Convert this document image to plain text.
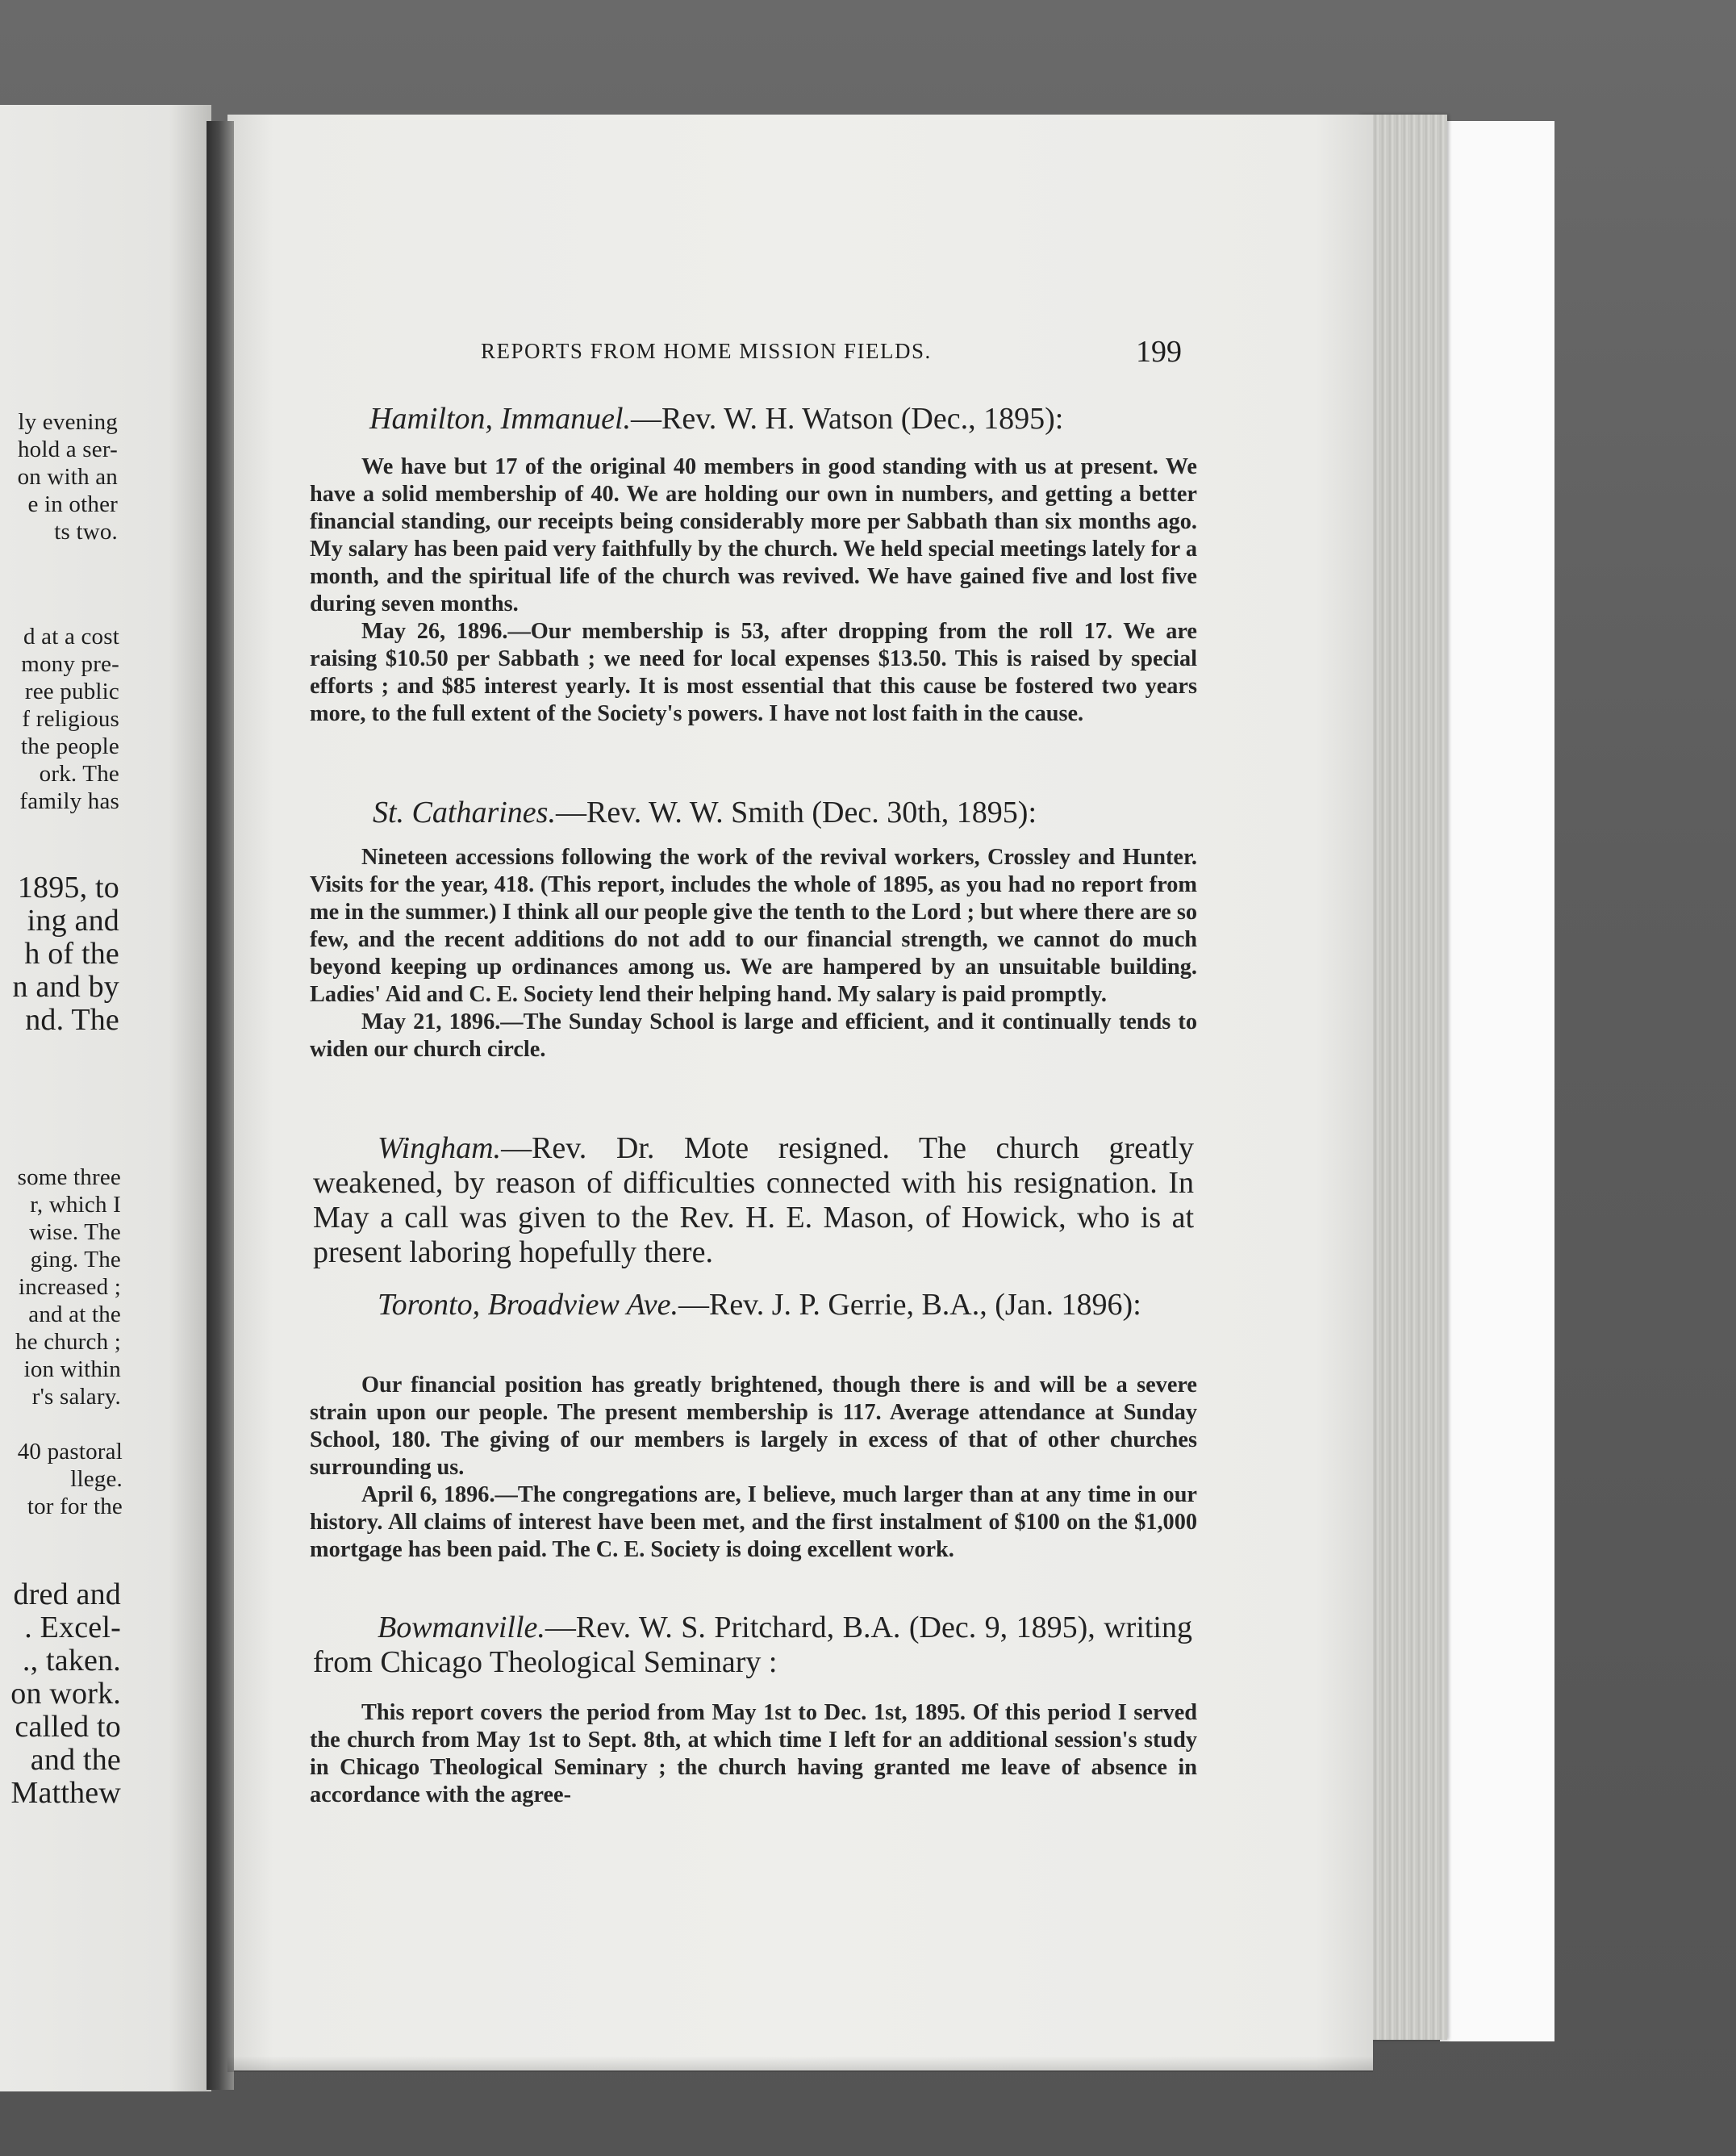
ly evening
hold a ser-
on with an
e in other
ts two.
d at a cost
mony pre-
ree public
f religious
the people
ork. The
family has
1895, to
ing and
h of the
n and by
nd. The
some three
r, which I
wise. The
ging. The
increased ;
and at the
he church ;
ion within
r's salary.
40 pastoral
llege.
tor for the
dred and
. Excel-
., taken.
on work.
called to
and the
Matthew
REPORTS FROM HOME MISSION FIELDS.	199
Hamilton, Immanuel.—Rev. W. H. Watson (Dec., 1895):

We have but 17 of the original 40 members in good standing with us at present. We have a solid membership of 40. We are holding our own in numbers, and getting a better financial standing, our receipts being considerably more per Sabbath than six months ago. My salary has been paid very faithfully by the church. We held special meetings lately for a month, and the spiritual life of the church was revived. We have gained five and lost five during seven months.

May 26, 1896.—Our membership is 53, after dropping from the roll 17. We are raising $10.50 per Sabbath ; we need for local expenses $13.50. This is raised by special efforts ; and $85 interest yearly. It is most essential that this cause be fostered two years more, to the full extent of the Society's powers. I have not lost faith in the cause.

St. Catharines.—Rev. W. W. Smith (Dec. 30th, 1895):

Nineteen accessions following the work of the revival workers, Crossley and Hunter. Visits for the year, 418. (This report, includes the whole of 1895, as you had no report from me in the summer.) I think all our people give the tenth to the Lord ; but where there are so few, and the recent additions do not add to our financial strength, we cannot do much beyond keeping up ordinances among us. We are hampered by an unsuitable building. Ladies' Aid and C. E. Society lend their helping hand. My salary is paid promptly.

May 21, 1896.—The Sunday School is large and efficient, and it continually tends to widen our church circle.

Wingham.—Rev. Dr. Mote resigned. The church greatly weakened, by reason of difficulties connected with his resignation. In May a call was given to the Rev. H. E. Mason, of Howick, who is at present laboring hopefully there.

Toronto, Broadview Ave.—Rev. J. P. Gerrie, B.A., (Jan. 1896):

Our financial position has greatly brightened, though there is and will be a severe strain upon our people. The present membership is 117. Average attendance at Sunday School, 180. The giving of our members is largely in excess of that of other churches surrounding us.

April 6, 1896.—The congregations are, I believe, much larger than at any time in our history. All claims of interest have been met, and the first instalment of $100 on the $1,000 mortgage has been paid. The C. E. Society is doing excellent work.

Bowmanville.—Rev. W. S. Pritchard, B.A. (Dec. 9, 1895), writing from Chicago Theological Seminary :

This report covers the period from May 1st to Dec. 1st, 1895. Of this period I served the church from May 1st to Sept. 8th, at which time I left for an additional session's study in Chicago Theological Seminary ; the church having granted me leave of absence in accordance with the agree-
